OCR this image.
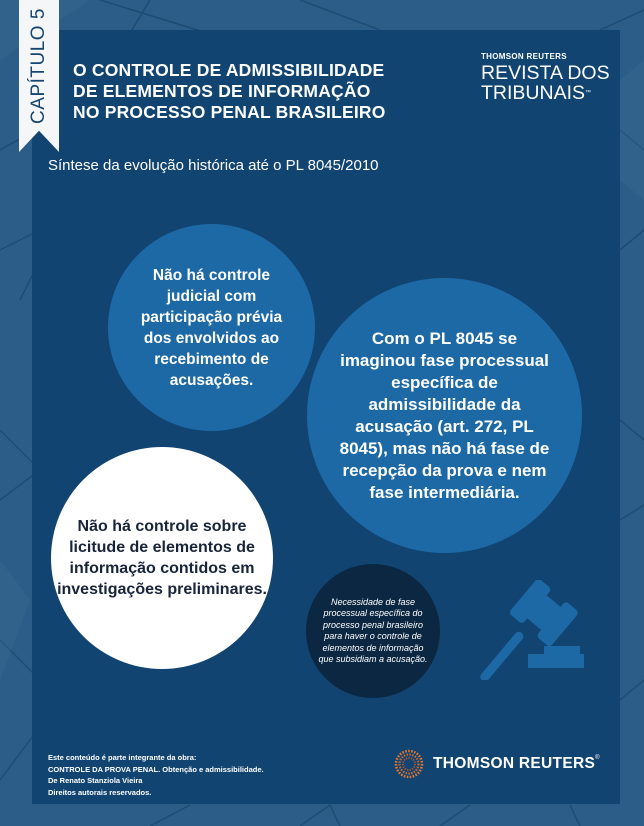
CAPÍTULO 5 O CONTROLE DE ADMISSIBILIDADE
DE ELEMENTOS DE INFORMAÇÃO
NO PROCESSO PENAL BRASILEIRO
Síntese da evolução histórica até o PL 8045/2010
THOMSON REUTERS
REVISTA DOS
TRIBUNAIS™
Não há controle judicial com participação prévia dos envolvidos ao recebimento de acusações.
Com o PL 8045 se imaginou fase processual específica de admissibilidade da acusação (art. 272, PL 8045), mas não há fase de recepção da prova e nem fase intermediária.
Não há controle sobre licitude de elementos de informação contidos em investigações preliminares.
Necessidade de fase processual específica do processo penal brasileiro para haver o controle de elementos de informação que subsidiam a acusação.
Este conteúdo é parte integrante da obra:
CONTROLE DA PROVA PENAL. Obtenção e admissibilidade.
De Renato Stanziola Vieira
Direitos autorais reservados.
THOMSON REUTERS®
